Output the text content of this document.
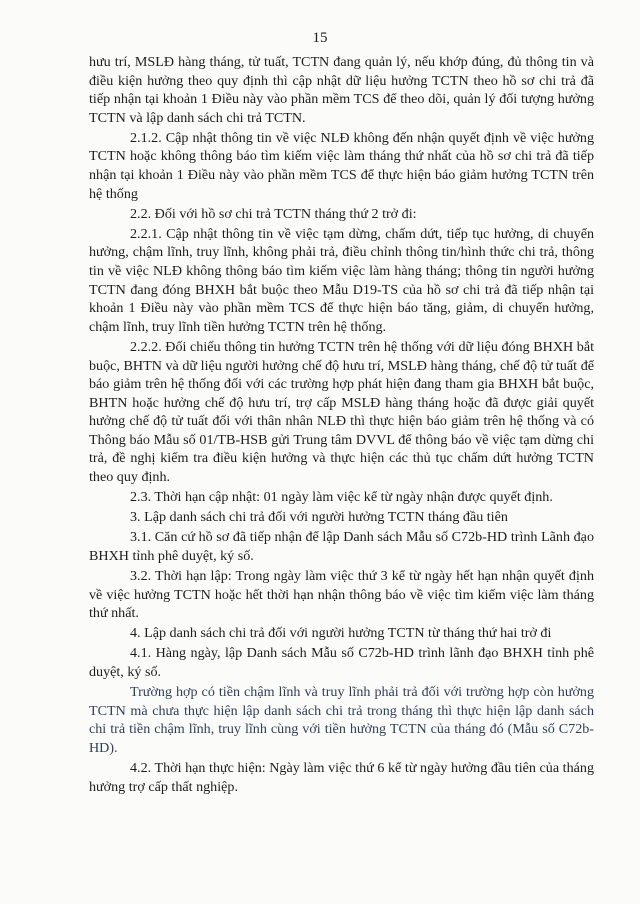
15

hưu trí, MSLĐ hàng tháng, tử tuất, TCTN đang quản lý, nếu khớp đúng, đủ thông tin và điều kiện hưởng theo quy định thì cập nhật dữ liệu hưởng TCTN theo hồ sơ chi trả đã tiếp nhận tại khoản 1 Điều này vào phần mềm TCS để theo dõi, quản lý đối tượng hưởng TCTN và lập danh sách chi trả TCTN.

2.1.2. Cập nhật thông tin về việc NLĐ không đến nhận quyết định về việc hưởng TCTN hoặc không thông báo tìm kiếm việc làm tháng thứ nhất của hồ sơ chi trả đã tiếp nhận tại khoản 1 Điều này vào phần mềm TCS để thực hiện báo giảm hưởng TCTN trên hệ thống

2.2. Đối với hồ sơ chi trả TCTN tháng thứ 2 trở đi:

2.2.1. Cập nhật thông tin về việc tạm dừng, chấm dứt, tiếp tục hưởng, di chuyển hưởng, chậm lĩnh, truy lĩnh, không phải trả, điều chỉnh thông tin/hình thức chi trả, thông tin về việc NLĐ không thông báo tìm kiếm việc làm hàng tháng; thông tin người hưởng TCTN đang đóng BHXH bắt buộc theo Mẫu D19-TS của hồ sơ chi trả đã tiếp nhận tại khoản 1 Điều này vào phần mềm TCS để thực hiện báo tăng, giảm, di chuyển hưởng, chậm lĩnh, truy lĩnh tiền hưởng TCTN trên hệ thống.

2.2.2. Đối chiếu thông tin hưởng TCTN trên hệ thống với dữ liệu đóng BHXH bắt buộc, BHTN và dữ liệu người hưởng chế độ hưu trí, MSLĐ hàng tháng, chế độ tử tuất để báo giảm trên hệ thống đối với các trường hợp phát hiện đang tham gia BHXH bắt buộc, BHTN hoặc hưởng chế độ hưu trí, trợ cấp MSLĐ hàng tháng hoặc đã được giải quyết hưởng chế độ tử tuất đối với thân nhân NLĐ thì thực hiện báo giảm trên hệ thống và có Thông báo Mẫu số 01/TB-HSB gửi Trung tâm DVVL để thông báo về việc tạm dừng chi trả, đề nghị kiểm tra điều kiện hưởng và thực hiện các thủ tục chấm dứt hưởng TCTN theo quy định.

2.3. Thời hạn cập nhật: 01 ngày làm việc kể từ ngày nhận được quyết định.

3. Lập danh sách chi trả đối với người hưởng TCTN tháng đầu tiên

3.1. Căn cứ hồ sơ đã tiếp nhận để lập Danh sách Mẫu số C72b-HD trình Lãnh đạo BHXH tỉnh phê duyệt, ký số.

3.2. Thời hạn lập: Trong ngày làm việc thứ 3 kể từ ngày hết hạn nhận quyết định về việc hưởng TCTN hoặc hết thời hạn nhận thông báo về việc tìm kiếm việc làm tháng thứ nhất.

4. Lập danh sách chi trả đối với người hưởng TCTN từ tháng thứ hai trở đi

4.1. Hàng ngày, lập Danh sách Mẫu số C72b-HD trình lãnh đạo BHXH tỉnh phê duyệt, ký số.

Trường hợp có tiền chậm lĩnh và truy lĩnh phải trả đối với trường hợp còn hưởng TCTN mà chưa thực hiện lập danh sách chi trả trong tháng thì thực hiện lập danh sách chi trả tiền chậm lĩnh, truy lĩnh cùng với tiền hưởng TCTN của tháng đó (Mẫu số C72b-HD).

4.2. Thời hạn thực hiện: Ngày làm việc thứ 6 kể từ ngày hưởng đầu tiên của tháng hưởng trợ cấp thất nghiệp.
